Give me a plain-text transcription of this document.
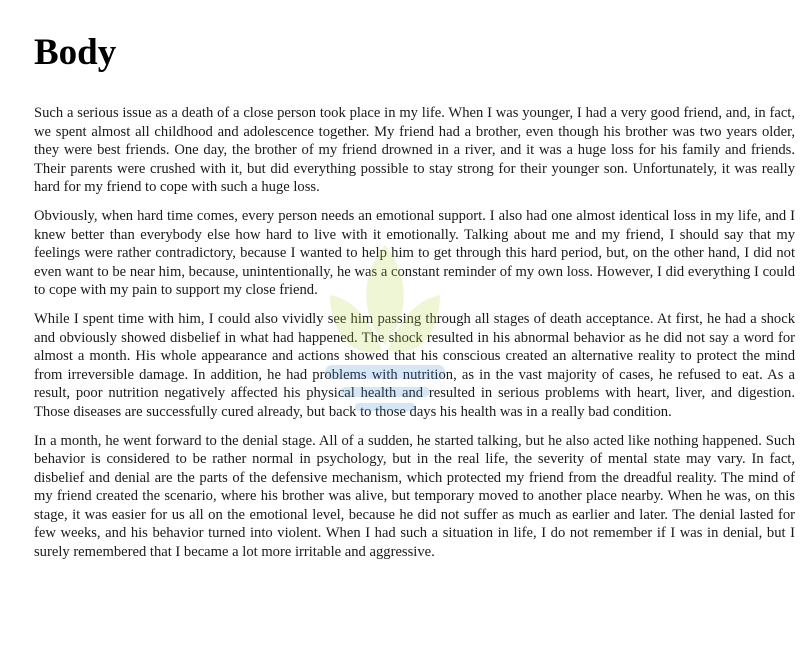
Body

Such a serious issue as a death of a close person took place in my life. When I was younger, I had a very good friend, and, in fact, we spent almost all childhood and adolescence together. My friend had a brother, even though his brother was two years older, they were best friends. One day, the brother of my friend drowned in a river, and it was a huge loss for his family and friends. Their parents were crushed with it, but did everything possible to stay strong for their younger son. Unfortunately, it was really hard for my friend to cope with such a huge loss.

Obviously, when hard time comes, every person needs an emotional support. I also had one almost identical loss in my life, and I knew better than everybody else how hard to live with it emotionally. Talking about me and my friend, I should say that my feelings were rather contradictory, because I wanted to help him to get through this hard period, but, on the other hand, I did not even want to be near him, because, unintentionally, he was a constant reminder of my own loss. However, I did everything I could to cope with my pain to support my close friend.

While I spent time with him, I could also vividly see him passing through all stages of death acceptance. At first, he had a shock and obviously showed disbelief in what had happened. The shock resulted in his abnormal behavior as he did not say a word for almost a month. His whole appearance and actions showed that his conscious created an alternative reality to protect the mind from irreversible damage. In addition, he had problems with nutrition, as in the vast majority of cases, he refused to eat. As a result, poor nutrition negatively affected his physical health and resulted in serious problems with heart, liver, and digestion. Those diseases are successfully cured already, but back to those days his health was in a really bad condition.

In a month, he went forward to the denial stage. All of a sudden, he started talking, but he also acted like nothing happened. Such behavior is considered to be rather normal in psychology, but in the real life, the severity of mental state may vary. In fact, disbelief and denial are the parts of the defensive mechanism, which protected my friend from the dreadful reality. The mind of my friend created the scenario, where his brother was alive, but temporary moved to another place nearby. When he was, on this stage, it was easier for us all on the emotional level, because he did not suffer as much as earlier and later. The denial lasted for few weeks, and his behavior turned into violent. When I had such a situation in life, I do not remember if I was in denial, but I surely remembered that I became a lot more irritable and aggressive.
